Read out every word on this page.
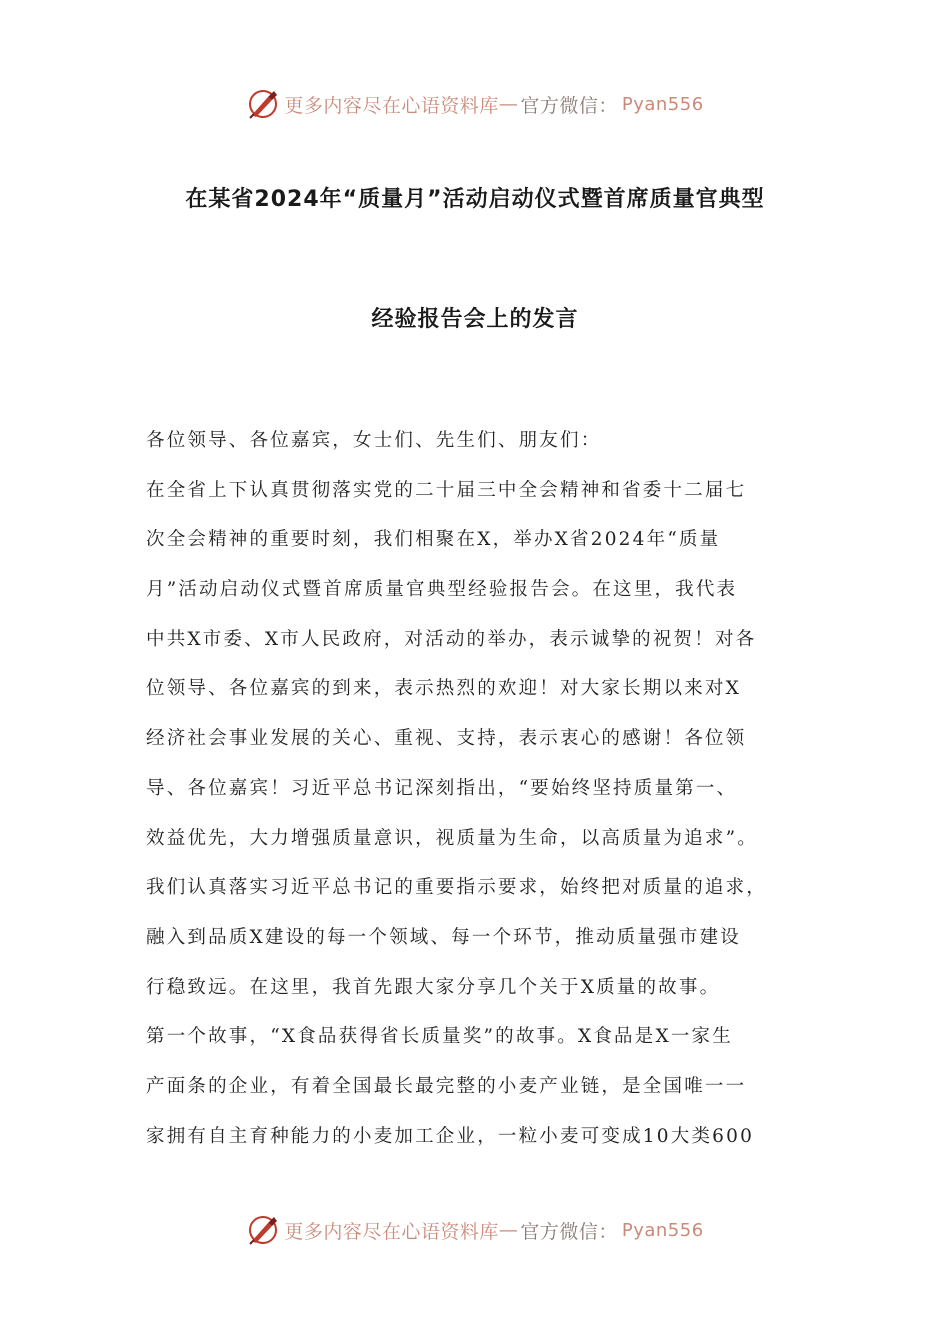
更多内容尽在心语资料库 — 官方微信： Pyan556
在某省2024年“质量月”活动启动仪式暨首席质量官典型
经验报告会上的发言
各位领导、各位嘉宾，女士们、先生们、朋友们：
在全省上下认真贯彻落实党的二十届三中全会精神和省委十二届七
次全会精神的重要时刻，我们相聚在X，举办X省2024年“质量
月”活动启动仪式暨首席质量官典型经验报告会。在这里，我代表
中共X市委、X市人民政府，对活动的举办，表示诚挚的祝贺！对各
位领导、各位嘉宾的到来，表示热烈的欢迎！对大家长期以来对X
经济社会事业发展的关心、重视、支持，表示衷心的感谢！各位领
导、各位嘉宾！习近平总书记深刻指出，“要始终坚持质量第一、
效益优先，大力增强质量意识，视质量为生命，以高质量为追求”。
我们认真落实习近平总书记的重要指示要求，始终把对质量的追求，
融入到品质X建设的每一个领域、每一个环节，推动质量强市建设
行稳致远。在这里，我首先跟大家分享几个关于X质量的故事。
第一个故事，“X食品获得省长质量奖”的故事。X食品是X一家生
产面条的企业，有着全国最长最完整的小麦产业链，是全国唯一一
家拥有自主育种能力的小麦加工企业，一粒小麦可变成10大类600
更多内容尽在心语资料库 — 官方微信： Pyan556
